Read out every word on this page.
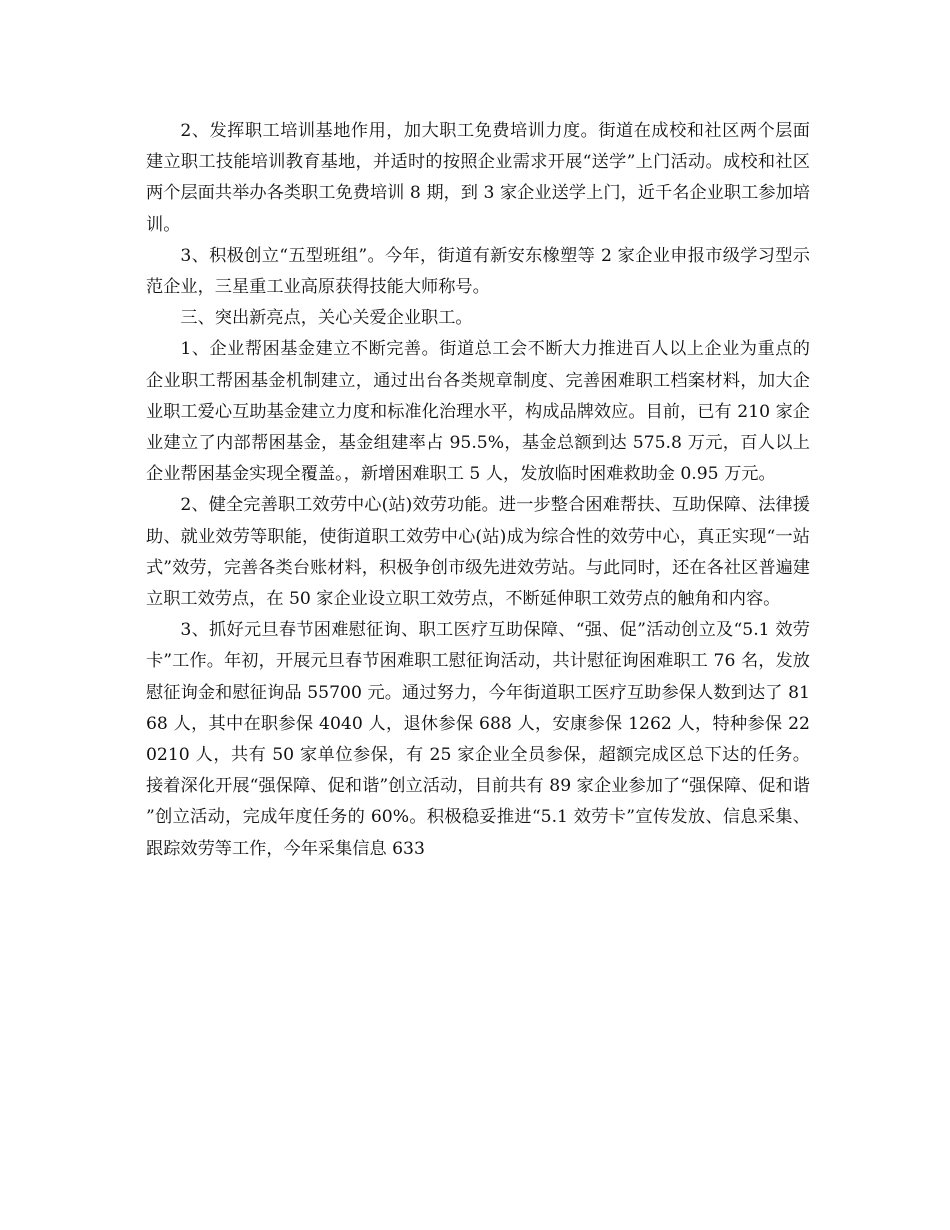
2、发挥职工培训基地作用，加大职工免费培训力度。街道在成校和社区两个层面建立职工技能培训教育基地，并适时的按照企业需求开展“送学”上门活动。成校和社区两个层面共举办各类职工免费培训 8 期，到 3 家企业送学上门，近千名企业职工参加培训。

3、积极创立“五型班组”。今年，街道有新安东橡塑等 2 家企业申报市级学习型示范企业，三星重工业高原获得技能大师称号。

三、突出新亮点，关心关爱企业职工。

1、企业帮困基金建立不断完善。街道总工会不断大力推进百人以上企业为重点的企业职工帮困基金机制建立，通过出台各类规章制度、完善困难职工档案材料，加大企业职工爱心互助基金建立力度和标准化治理水平，构成品牌效应。目前，已有 210 家企业建立了内部帮困基金，基金组建率占 95.5%，基金总额到达 575.8 万元，百人以上企业帮困基金实现全覆盖。，新增困难职工 5 人，发放临时困难救助金 0.95 万元。

2、健全完善职工效劳中心(站)效劳功能。进一步整合困难帮扶、互助保障、法律援助、就业效劳等职能，使街道职工效劳中心(站)成为综合性的效劳中心，真正实现“一站式”效劳，完善各类台账材料，积极争创市级先进效劳站。与此同时，还在各社区普遍建立职工效劳点，在 50 家企业设立职工效劳点，不断延伸职工效劳点的触角和内容。

3、抓好元旦春节困难慰征询、职工医疗互助保障、“强、促”活动创立及“5.1 效劳卡”工作。年初，开展元旦春节困难职工慰征询活动，共计慰征询困难职工 76 名，发放慰征询金和慰征询品 55700 元。通过努力，今年街道职工医疗互助参保人数到达了 8168 人，其中在职参保 4040 人，退休参保 688 人，安康参保 1262 人，特种参保 220210 人，共有 50 家单位参保，有 25 家企业全员参保，超额完成区总下达的任务。接着深化开展“强保障、促和谐”创立活动，目前共有 89 家企业参加了“强保障、促和谐”创立活动，完成年度任务的 60%。积极稳妥推进“5.1 效劳卡”宣传发放、信息采集、跟踪效劳等工作，今年采集信息 633
